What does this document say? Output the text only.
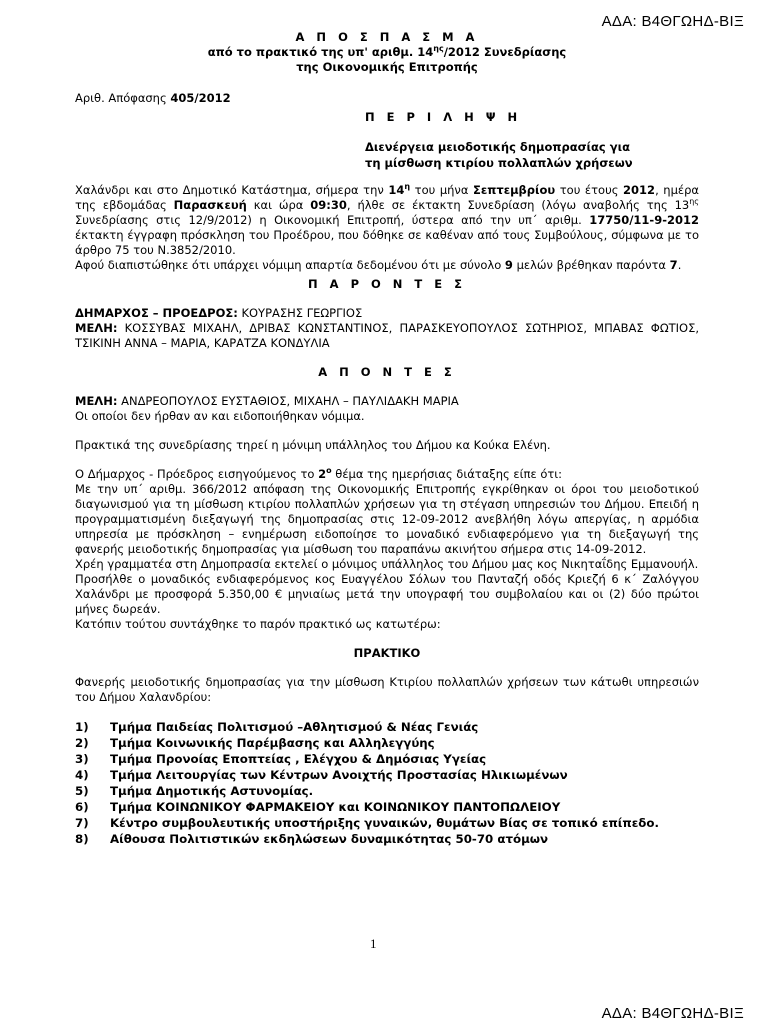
ΑΔΑ: Β4ΘΓΩΗΔ-ΒΙΞ

Α Π Ο Σ Π Α Σ Μ Α

από το πρακτικό της υπ' αριθμ. $14^{\eta\varsigma}/2012$ Συνεδρίασης

της Οικονομικής Επιτροπής

Αριθ. Απόφασης 405/2012
Π Ε Ρ Ι Λ Η Ψ Η

Διενέργεια μειοδοτικής δημοπρασίας για

τη μίσθωση κτιρίου πολλαπλών χρήσεων

Χαλάνδρι και στο Δημοτικό Κατάστημα, σήμερα την $14^\eta$ του μήνα Σεπτεμβρίου του έτους 2012, ημέρα της εβδομάδας Παρασκευή και ώρα 09:30, ήλθε σε έκτακτη Συνεδρίαση (λόγω αναβολής της $13^{\eta\varsigma}$ Συνεδρίασης στις 12/9/2012) η Οικονομική Επιτροπή, ύστερα από την υπ΄ αριθμ. 17750/11-9-2012 έκτακτη έγγραφη πρόσκληση του Προέδρου, που δόθηκε σε καθέναν από τους Συμβούλους, σύμφωνα με το άρθρο 75 του Ν.3852/2010.

Αφού διαπιστώθηκε ότι υπάρχει νόμιμη απαρτία δεδομένου ότι με σύνολο 9 μελών βρέθηκαν παρόντα 7.

Π Α Ρ Ο Ν Τ Ε Σ

ΔΗΜΑΡΧΟΣ – ΠΡΟΕΔΡΟΣ: ΚΟΥΡΑΣΗΣ ΓΕΩΡΓΙΟΣ

ΜΕΛΗ: ΚΟΣΣΥΒΑΣ ΜΙΧΑΗΛ, ΔΡΙΒΑΣ ΚΩΝΣΤΑΝΤΙΝΟΣ, ΠΑΡΑΣΚΕΥΟΠΟΥΛΟΣ ΣΩΤΗΡΙΟΣ, ΜΠΑΒΑΣ ΦΩΤΙΟΣ, ΤΣΙΚΙΝΗ ΑΝΝΑ – ΜΑΡΙΑ, ΚΑΡΑΤΖΑ ΚΟΝΔΥΛΙΑ

Α Π Ο Ν Τ Ε Σ

ΜΕΛΗ: ΑΝΔΡΕΟΠΟΥΛΟΣ ΕΥΣΤΑΘΙΟΣ, ΜΙΧΑΗΛ – ΠΑΥΛΙΔΑΚΗ ΜΑΡΙΑ

Οι οποίοι δεν ήρθαν αν και ειδοποιήθηκαν νόμιμα.

Πρακτικά της συνεδρίασης τηρεί η μόνιμη υπάλληλος του Δήμου κα Κούκα Ελένη.

Ο Δήμαρχος - Πρόεδρος εισηγούμενος το $2^o$ θέμα της ημερήσιας διάταξης είπε ότι:

Με την υπ΄ αριθμ. 366/2012 απόφαση της Οικονομικής Επιτροπής εγκρίθηκαν οι όροι του μειοδοτικού διαγωνισμού για τη μίσθωση κτιρίου πολλαπλών χρήσεων για τη στέγαση υπηρεσιών του Δήμου. Επειδή η προγραμματισμένη διεξαγωγή της δημοπρασίας στις 12-09-2012 ανεβλήθη λόγω απεργίας, η αρμόδια υπηρεσία με πρόσκληση – ενημέρωση ειδοποίησε το μοναδικό ενδιαφερόμενο για τη διεξαγωγή της φανερής μειοδοτικής δημοπρασίας για μίσθωση του παραπάνω ακινήτου σήμερα στις 14-09-2012.

Χρέη γραμματέα στη Δημοπρασία εκτελεί ο μόνιμος υπάλληλος του Δήμου μας κος Νικηταΐδης Εμμανουήλ.

Προσήλθε ο μοναδικός ενδιαφερόμενος κος Ευαγγέλου Σόλων του Πανταζή οδός Κριεζή 6 κ΄ Ζαλόγγου Χαλάνδρι με προσφορά 5.350,00 € μηνιαίως μετά την υπογραφή του συμβολαίου και οι (2) δύο πρώτοι μήνες δωρεάν.

Κατόπιν τούτου συντάχθηκε το παρόν πρακτικό ως κατωτέρω:

ΠΡΑΚΤΙΚΟ

Φανερής μειοδοτικής δημοπρασίας για την μίσθωση Κτιρίου πολλαπλών χρήσεων των κάτωθι υπηρεσιών του Δήμου Χαλανδρίου:

1)	Τμήμα Παιδείας Πολιτισμού –Αθλητισμού & Νέας Γενιάς
2)	Τμήμα Κοινωνικής Παρέμβασης και Αλληλεγγύης
3)	Τμήμα Προνοίας Εποπτείας , Ελέγχου & Δημόσιας Υγείας
4)	Τμήμα Λειτουργίας των Κέντρων Ανοιχτής Προστασίας Ηλικιωμένων
5)	Τμήμα Δημοτικής Αστυνομίας.
6)	Τμήμα ΚΟΙΝΩΝΙΚΟΥ ΦΑΡΜΑΚΕΙΟΥ και ΚΟΙΝΩΝΙΚΟΥ ΠΑΝΤΟΠΩΛΕΙΟΥ
7)	Κέντρο συμβουλευτικής υποστήριξης γυναικών, θυμάτων Βίας σε τοπικό επίπεδο.
8)	Αίθουσα Πολιτιστικών εκδηλώσεων δυναμικότητας 50-70 ατόμων
1
ΑΔΑ: Β4ΘΓΩΗΔ-ΒΙΞ
